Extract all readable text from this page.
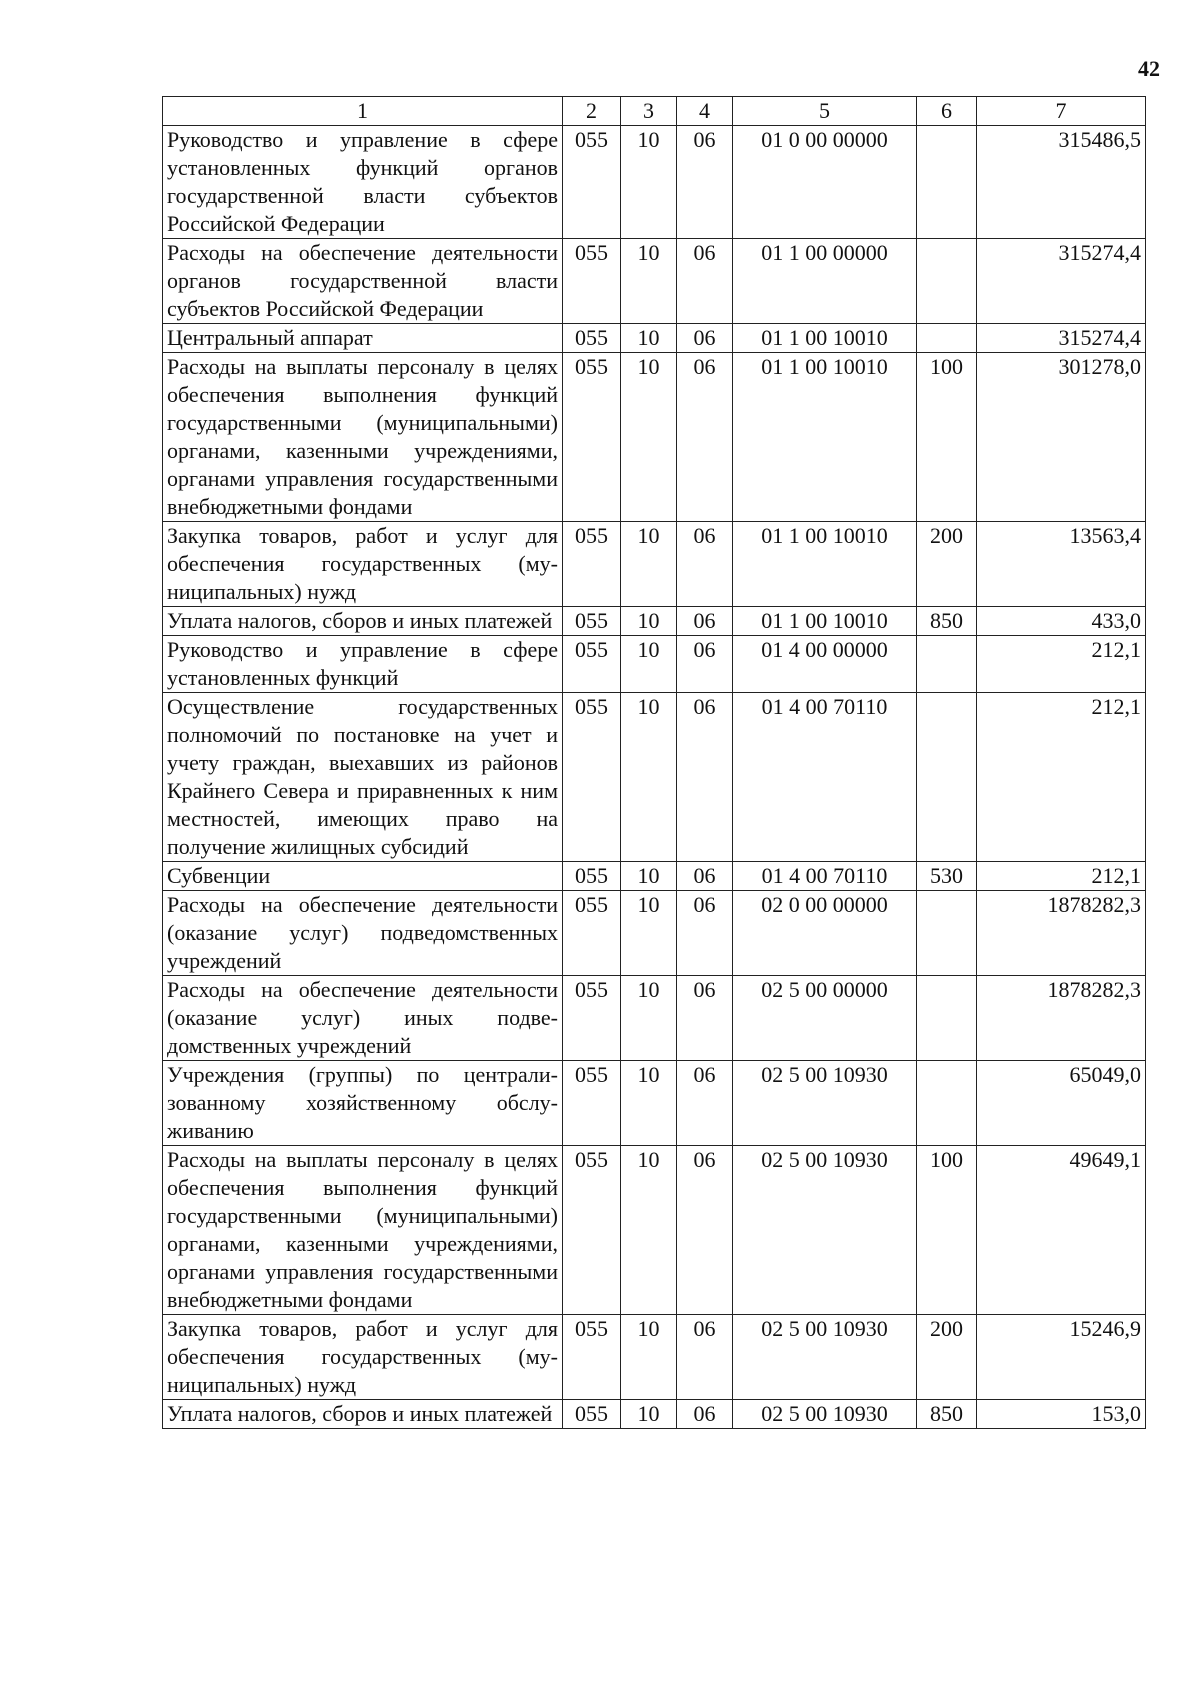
42
1	2	3	4	5	6	7
Руководство и управление в сфере установленных функций органов государственной власти субъектов Российской Федерации	055	10	06	01 0 00 00000		315486,5
Расходы на обеспечение деятельности органов государственной власти субъектов Российской Федерации	055	10	06	01 1 00 00000		315274,4
Центральный аппарат	055	10	06	01 1 00 10010		315274,4
Расходы на выплаты персоналу в целях обеспечения выполнения функций государственными (муниципальными) органами, казенными учреждениями, органами управления государственными внебюджетными фондами	055	10	06	01 1 00 10010	100	301278,0
Закупка товаров, работ и услуг для обеспечения государственных (муниципальных) нужд	055	10	06	01 1 00 10010	200	13563,4
Уплата налогов, сборов и иных платежей	055	10	06	01 1 00 10010	850	433,0
Руководство и управление в сфере установленных функций	055	10	06	01 4 00 00000		212,1
Осуществление государственных полномочий по постановке на учет и учету граждан, выехавших из районов Крайнего Севера и приравненных к ним местностей, имеющих право на получение жилищных субсидий	055	10	06	01 4 00 70110		212,1
Субвенции	055	10	06	01 4 00 70110	530	212,1
Расходы на обеспечение деятельности (оказание услуг) подведомственных учреждений	055	10	06	02 0 00 00000		1878282,3
Расходы на обеспечение деятельности (оказание услуг) иных подведомственных учреждений	055	10	06	02 5 00 00000		1878282,3
Учреждения (группы) по централизованному хозяйственному обслуживанию	055	10	06	02 5 00 10930		65049,0
Расходы на выплаты персоналу в целях обеспечения выполнения функций государственными (муниципальными) органами, казенными учреждениями, органами управления государственными внебюджетными фондами	055	10	06	02 5 00 10930	100	49649,1
Закупка товаров, работ и услуг для обеспечения государственных (муниципальных) нужд	055	10	06	02 5 00 10930	200	15246,9
Уплата налогов, сборов и иных платежей	055	10	06	02 5 00 10930	850	153,0
